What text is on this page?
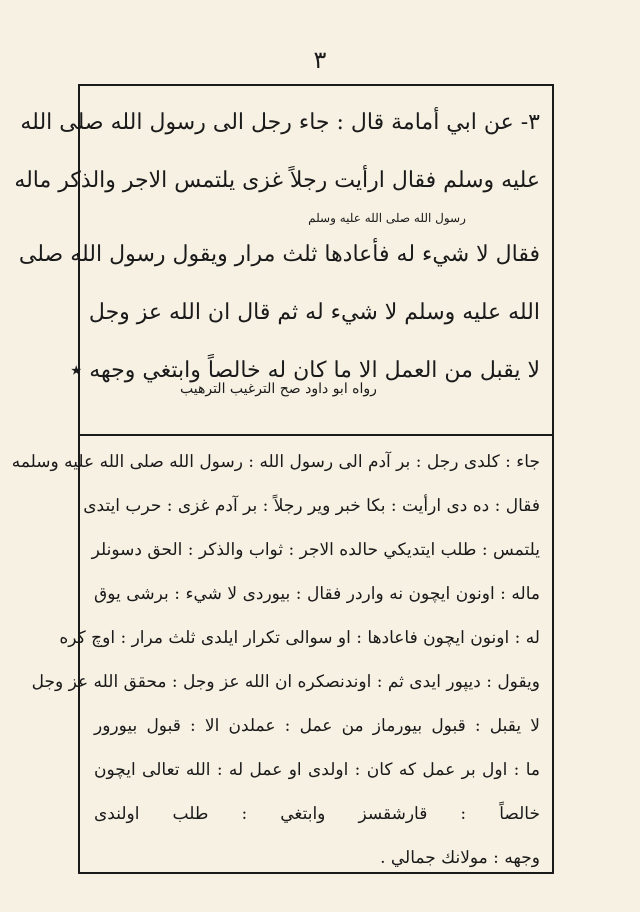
٣
٣- عن ابي أمامة قال : جاء رجل الى رسول الله صلى الله
عليه وسلم فقال ارأيت رجلاً غزى يلتمس الاجر والذكر ماله
رسول الله صلى الله عليه وسلم
فقال لا شيء له فأعادها ثلث مرار ويقول رسول الله صلى
الله عليه وسلم لا شيء له ثم قال ان الله عز وجل
لا يقبل من العمل الا ما كان له خالصاً وابتغي وجهه ٭
رواه ابو داود صح الترغيب الترهيب
جاء : كلدى رجل : بر آدم الى رسول الله : رسول الله صلى الله عليه وسلمه
فقال : ده دى ارأيت : بكا خبر وير رجلاً : بر آدم غزى : حرب ايتدى
يلتمس : طلب ايتديكي حالده الاجر : ثواب والذكر : الحق دسونلر
ماله : اونون ايچون نه واردر فقال : بيوردى لا شيء : برشى يوق
له : اونون ايچون فاعادها : او سوالى تكرار ايلدى ثلث مرار : اوچ كره
ويقول : ديپور ايدى ثم : اوندنصكره ان الله عز وجل : محقق الله عز وجل
لا يقبل : قبول بيورماز من عمل : عملدن الا : قبول بيورور
ما : اول بر عمل كه كان : اولدى او عمل له : الله تعالى ايچون
خالصاً : قارشقسز وابتغي : طلب اولندى
وجهه : مولانك جمالي .
